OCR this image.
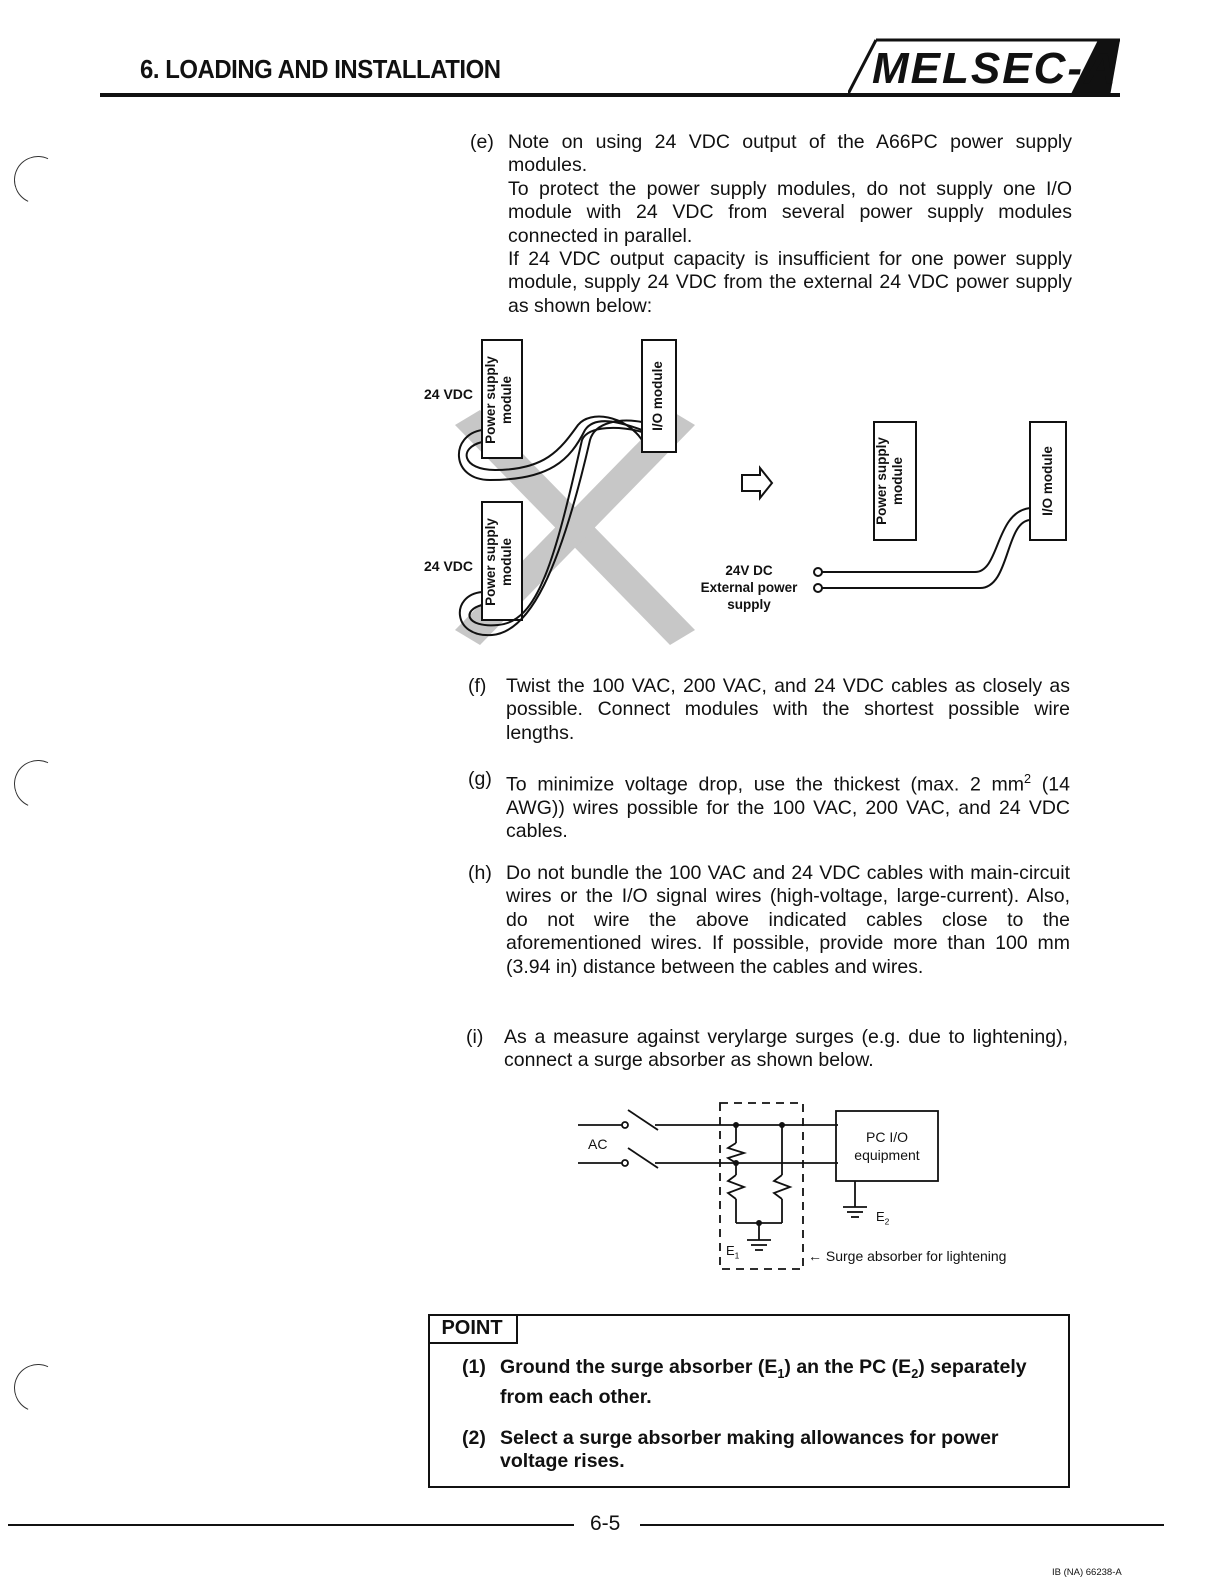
6. LOADING AND INSTALLATION	MELSEC-A
(e) Note on using 24 VDC output of the A66PC power supply modules.
To protect the power supply modules, do not supply one I/O module with 24 VDC from several power supply modules connected in parallel.
If 24 VDC output capacity is insufficient for one power supply module, supply 24 VDC from the external 24 VDC power supply as shown below:
24 VDC
24 VDC
Power supply module
Power supply module
I/O module
Power supply module	I/O module
24V DC
External power
supply
(f) Twist the 100 VAC, 200 VAC, and 24 VDC cables as closely as possible. Connect modules with the shortest possible wire lengths.
(g) To minimize voltage drop, use the thickest (max. 2 $mm^2$ (14 AWG)) wires possible for the 100 VAC, 200 VAC, and 24 VDC cables.
(h) Do not bundle the 100 VAC and 24 VDC cables with main-circuit wires or the I/O signal wires (high-voltage, large-current). Also, do not wire the above indicated cables close to the aforementioned wires. If possible, provide more than 100 mm (3.94 in) distance between the cables and wires.
(i) As a measure against verylarge surges (e.g. due to lightening), connect a surge absorber as shown below.
AC	PC I/O
equipment
$E_1$
$E_2$
← Surge absorber for lightening
POINT
(1) Ground the surge absorber $(E_1)$ an the PC $(E_2)$ separately from each other.
(2) Select a surge absorber making allowances for power voltage rises.
6-5
IB (NA) 66238-A
